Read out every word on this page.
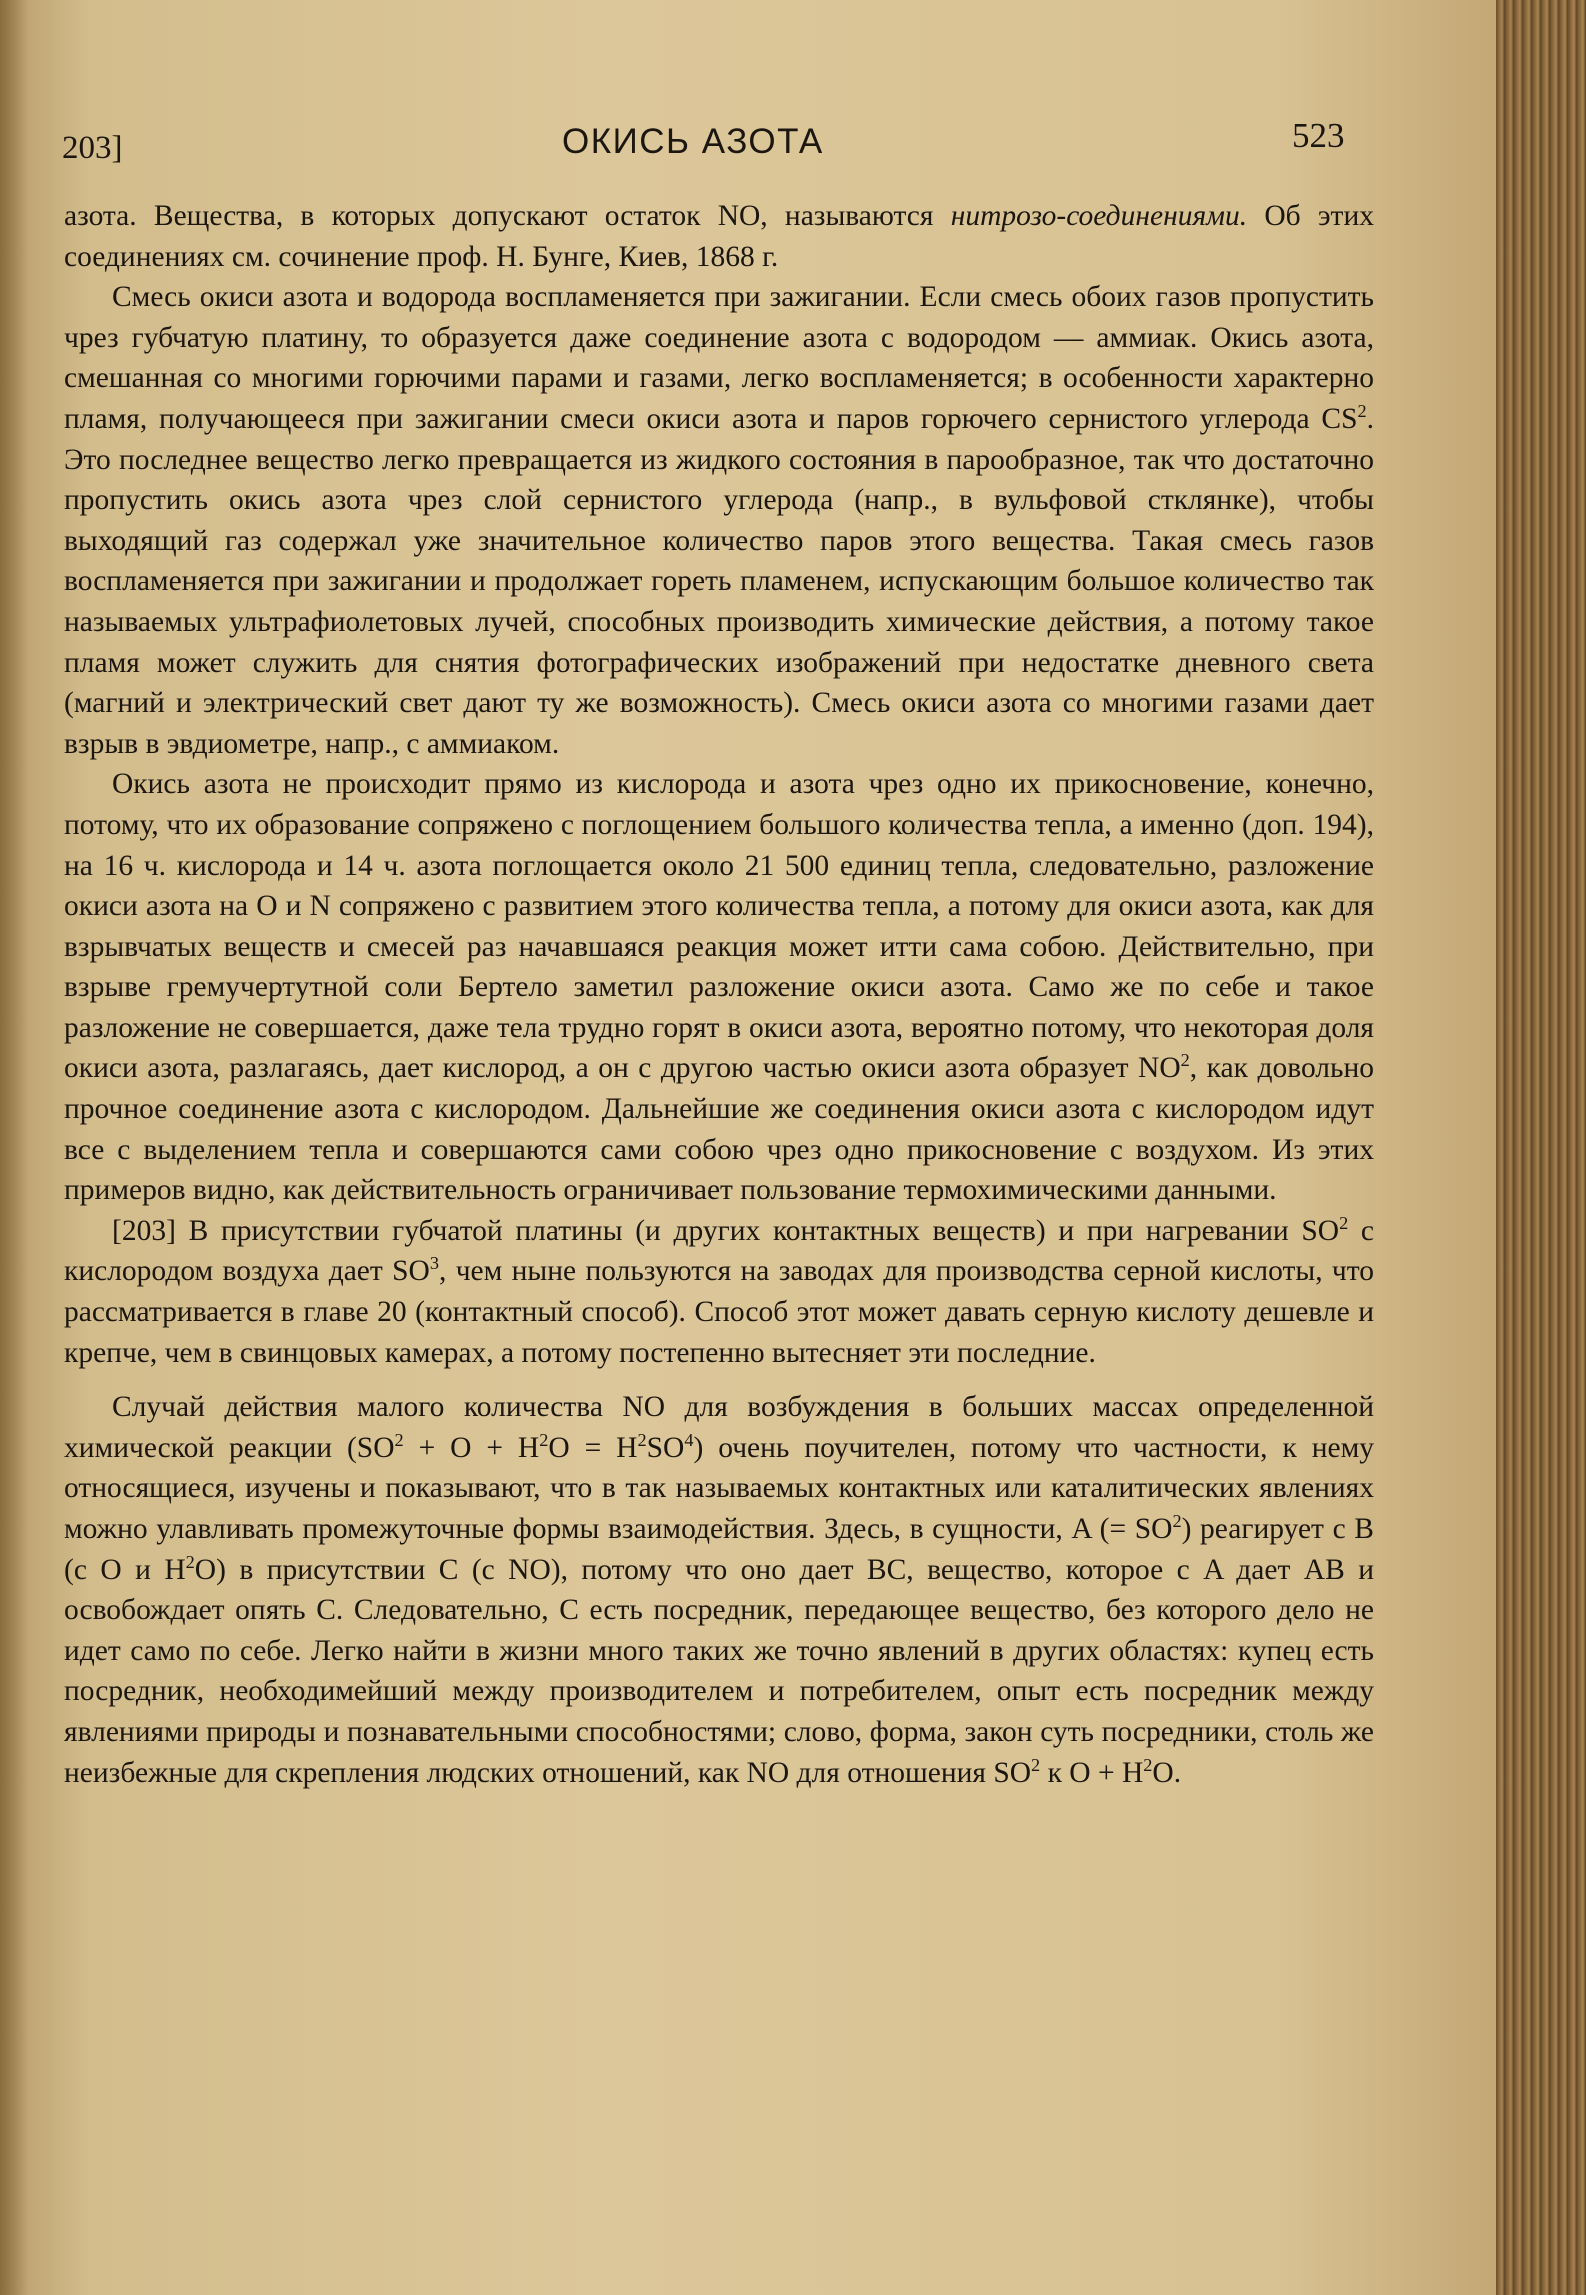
203]	ОКИСЬ АЗОТА	523

азота. Вещества, в которых допускают остаток NO, называются нитрозо-соединениями. Об этих соединениях см. сочинение проф. Н. Бунге, Киев, 1868 г.

Смесь окиси азота и водорода воспламеняется при зажигании. Если смесь обоих газов пропустить чрез губчатую платину, то образуется даже соединение азота с водородом — аммиак. Окись азота, смешанная со многими горючими парами и газами, легко воспламеняется; в особенности характерно пламя, получающееся при зажигании смеси окиси азота и паров горючего сернистого углерода $CS^2$. Это последнее вещество легко превращается из жидкого состояния в парообразное, так что достаточно пропустить окись азота чрез слой сернистого углерода (напр., в вульфовой стклянке), чтобы выходящий газ содержал уже значительное количество паров этого вещества. Такая смесь газов воспламеняется при зажигании и продолжает гореть пламенем, испускающим большое количество так называемых ультрафиолетовых лучей, способных производить химические действия, а потому такое пламя может служить для снятия фотографических изображений при недостатке дневного света (магний и электрический свет дают ту же возможность). Смесь окиси азота со многими газами дает взрыв в эвдиометре, напр., с аммиаком.

Окись азота не происходит прямо из кислорода и азота чрез одно их прикосновение, конечно, потому, что их образование сопряжено с поглощением большого количества тепла, а именно (доп. 194), на 16 ч. кислорода и 14 ч. азота поглощается около 21 500 единиц тепла, следовательно, разложение окиси азота на O и N сопряжено с развитием этого количества тепла, а потому для окиси азота, как для взрывчатых веществ и смесей раз начавшаяся реакция может итти сама собою. Действительно, при взрыве гремучертутной соли Бертело заметил разложение окиси азота. Само же по себе и такое разложение не совершается, даже тела трудно горят в окиси азота, вероятно потому, что некоторая доля окиси азота, разлагаясь, дает кислород, а он с другою частью окиси азота образует $NO^2$, как довольно прочное соединение азота с кислородом. Дальнейшие же соединения окиси азота с кислородом идут все с выделением тепла и совершаются сами собою чрез одно прикосновение с воздухом. Из этих примеров видно, как действительность ограничивает пользование термохимическими данными.

[203] В присутствии губчатой платины (и других контактных веществ) и при нагревании $SO^2$ с кислородом воздуха дает $SO^3$, чем ныне пользуются на заводах для производства серной кислоты, что рассматривается в главе 20 (контактный способ). Способ этот может давать серную кислоту дешевле и крепче, чем в свинцовых камерах, а потому постепенно вытесняет эти последние.

Случай действия малого количества NO для возбуждения в больших массах определенной химической реакции $(SO^2 + O + H^2O = H^2SO^4)$ очень поучителен, потому что частности, к нему относящиеся, изучены и показывают, что в так называемых контактных или каталитических явлениях можно улавливать промежуточные формы взаимодействия. Здесь, в сущности, A (= $SO^2$) реагирует с B (с O и $H^2O$) в присутствии C (с NO), потому что оно дает BC, вещество, которое с A дает AB и освобождает опять C. Следовательно, C есть посредник, передающее вещество, без которого дело не идет само по себе. Легко найти в жизни много таких же точно явлений в других областях: купец есть посредник, необходимейший между производителем и потребителем, опыт есть посредник между явлениями природы и познавательными способностями; слово, форма, закон суть посредники, столь же неизбежные для скрепления людских отношений, как NO для отношения $SO^2$ к $O + H^2O$.
